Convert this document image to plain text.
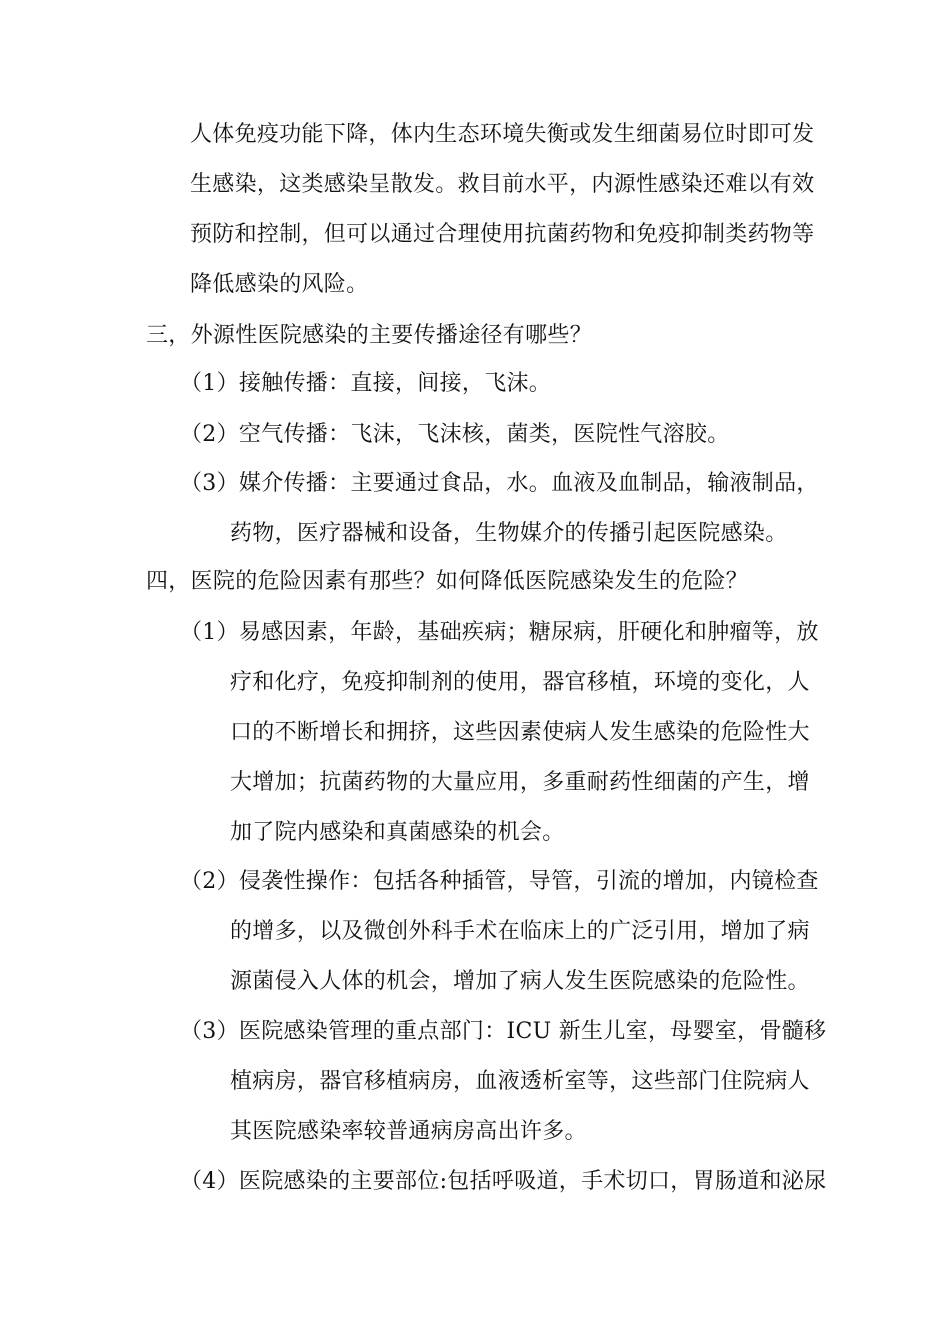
人体免疫功能下降，体内生态环境失衡或发生细菌易位时即可发
生感染，这类感染呈散发。救目前水平，内源性感染还难以有效
预防和控制，但可以通过合理使用抗菌药物和免疫抑制类药物等
降低感染的风险。
三，外源性医院感染的主要传播途径有哪些？
（1）接触传播：直接，间接，飞沫。
（2）空气传播：飞沫，飞沫核，菌类，医院性气溶胶。
（3）媒介传播：主要通过食品，水。血液及血制品，输液制品，
药物，医疗器械和设备，生物媒介的传播引起医院感染。
四，医院的危险因素有那些？如何降低医院感染发生的危险？
（1）易感因素，年龄，基础疾病；糖尿病，肝硬化和肿瘤等，放
疗和化疗，免疫抑制剂的使用，器官移植，环境的变化，人
口的不断增长和拥挤，这些因素使病人发生感染的危险性大
大增加；抗菌药物的大量应用，多重耐药性细菌的产生，增
加了院内感染和真菌感染的机会。
（2）侵袭性操作：包括各种插管，导管，引流的增加，内镜检查
的增多，以及微创外科手术在临床上的广泛引用，增加了病
源菌侵入人体的机会，增加了病人发生医院感染的危险性。
（3）医院感染管理的重点部门：ICU 新生儿室，母婴室，骨髓移
植病房，器官移植病房，血液透析室等，这些部门住院病人
其医院感染率较普通病房高出许多。
（4）医院感染的主要部位:包括呼吸道，手术切口，胃肠道和泌尿
